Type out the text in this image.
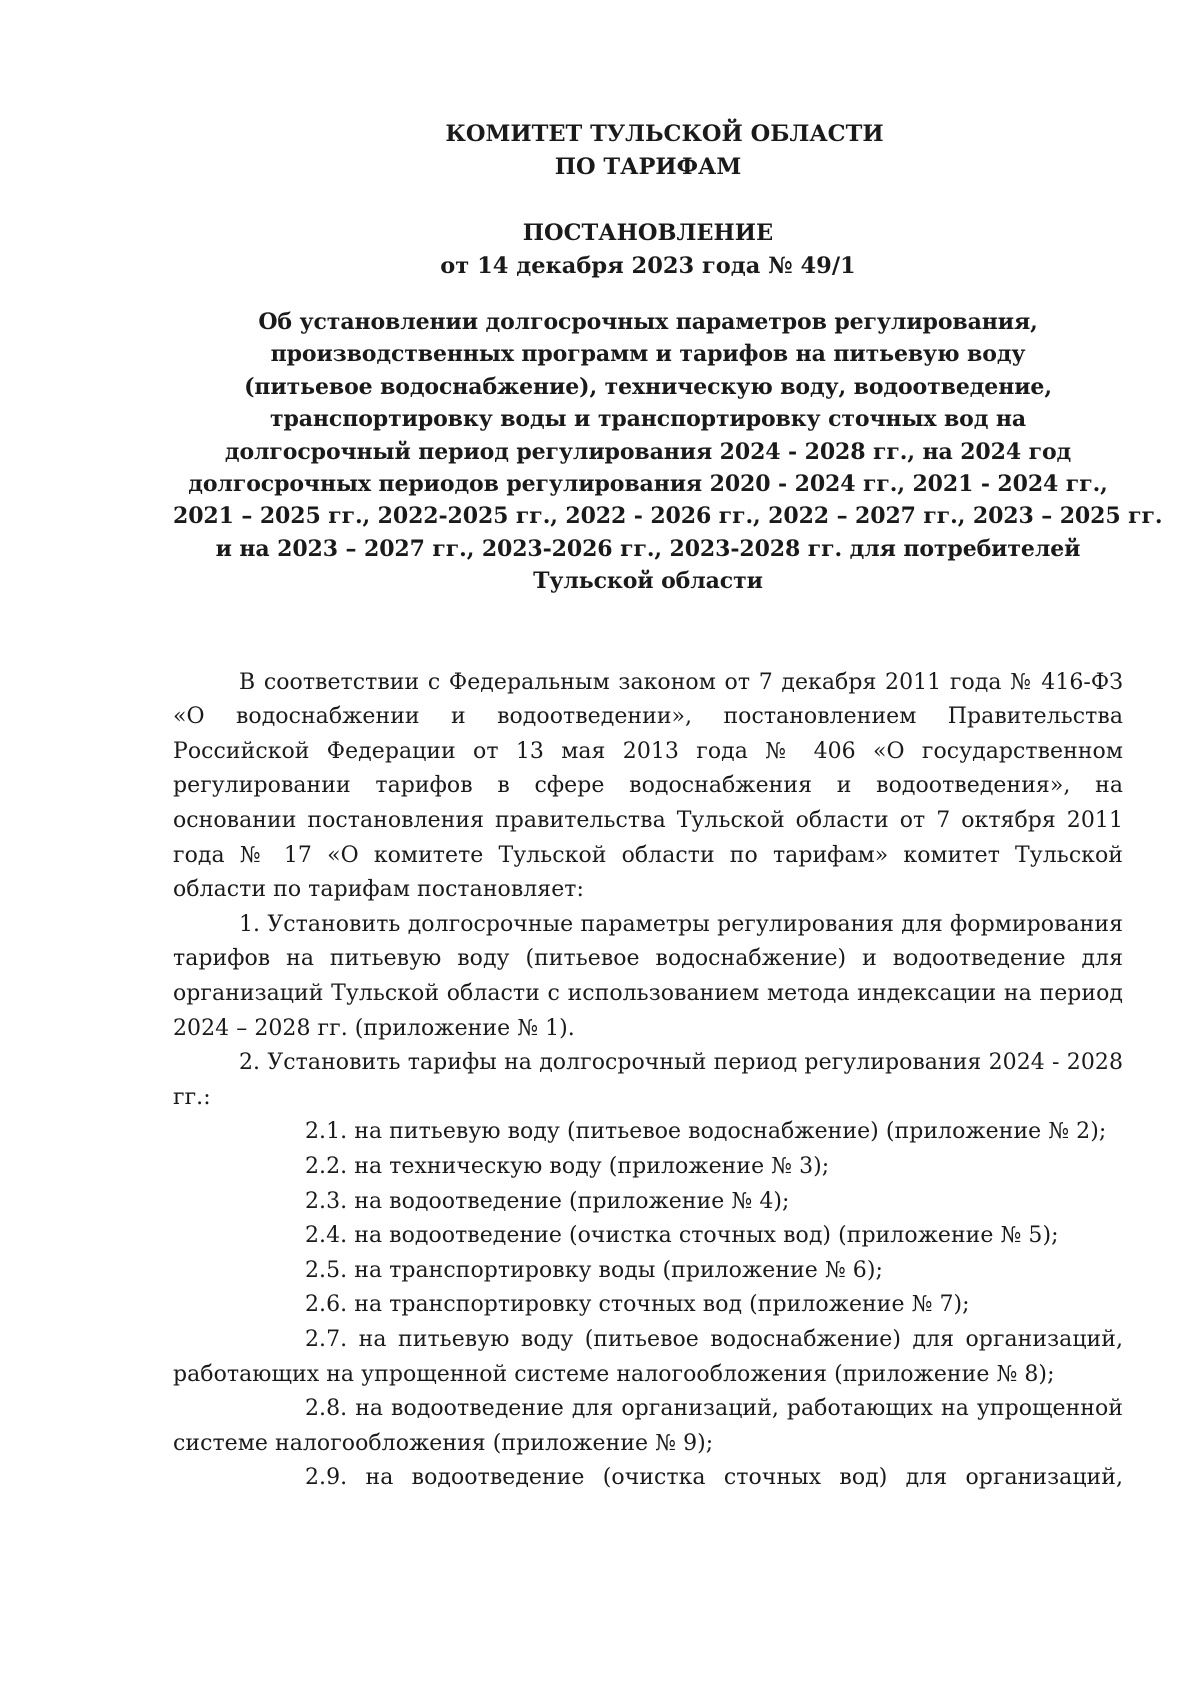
КОМИТЕТ ТУЛЬСКОЙ ОБЛАСТИ
ПО ТАРИФАМ
ПОСТАНОВЛЕНИЕ
от 14 декабря 2023 года № 49/1
Об установлении долгосрочных параметров регулирования,
производственных программ и тарифов на питьевую воду
(питьевое водоснабжение), техническую воду, водоотведение,
транспортировку воды и транспортировку сточных вод на
долгосрочный период регулирования 2024 - 2028 гг., на 2024 год
долгосрочных периодов регулирования 2020 - 2024 гг., 2021 - 2024 гг.,
2021 – 2025 гг., 2022-2025 гг., 2022 - 2026 гг., 2022 – 2027 гг., 2023 – 2025 гг.
и на 2023 – 2027 гг., 2023-2026 гг., 2023-2028 гг. для потребителей
Тульской области

В соответствии с Федеральным законом от 7 декабря 2011 года № 416-ФЗ «О водоснабжении и водоотведении», постановлением Правительства Российской Федерации от 13 мая 2013 года № 406 «О государственном регулировании тарифов в сфере водоснабжения и водоотведения», на основании постановления правительства Тульской области от 7 октября 2011 года № 17 «О комитете Тульской области по тарифам» комитет Тульской области по тарифам постановляет:

1. Установить долгосрочные параметры регулирования для формирования тарифов на питьевую воду (питьевое водоснабжение) и водоотведение для организаций Тульской области с использованием метода индексации на период 2024 – 2028 гг. (приложение № 1).

2. Установить тарифы на долгосрочный период регулирования 2024 - 2028 гг.:

2.1. на питьевую воду (питьевое водоснабжение) (приложение № 2);

2.2. на техническую воду (приложение № 3);

2.3. на водоотведение (приложение № 4);

2.4. на водоотведение (очистка сточных вод) (приложение № 5);

2.5. на транспортировку воды (приложение № 6);

2.6. на транспортировку сточных вод (приложение № 7);

2.7. на питьевую воду (питьевое водоснабжение) для организаций, работающих на упрощенной системе налогообложения (приложение № 8);

2.8. на водоотведение для организаций, работающих на упрощенной системе налогообложения (приложение № 9);

2.9. на водоотведение (очистка сточных вод) для организаций,
